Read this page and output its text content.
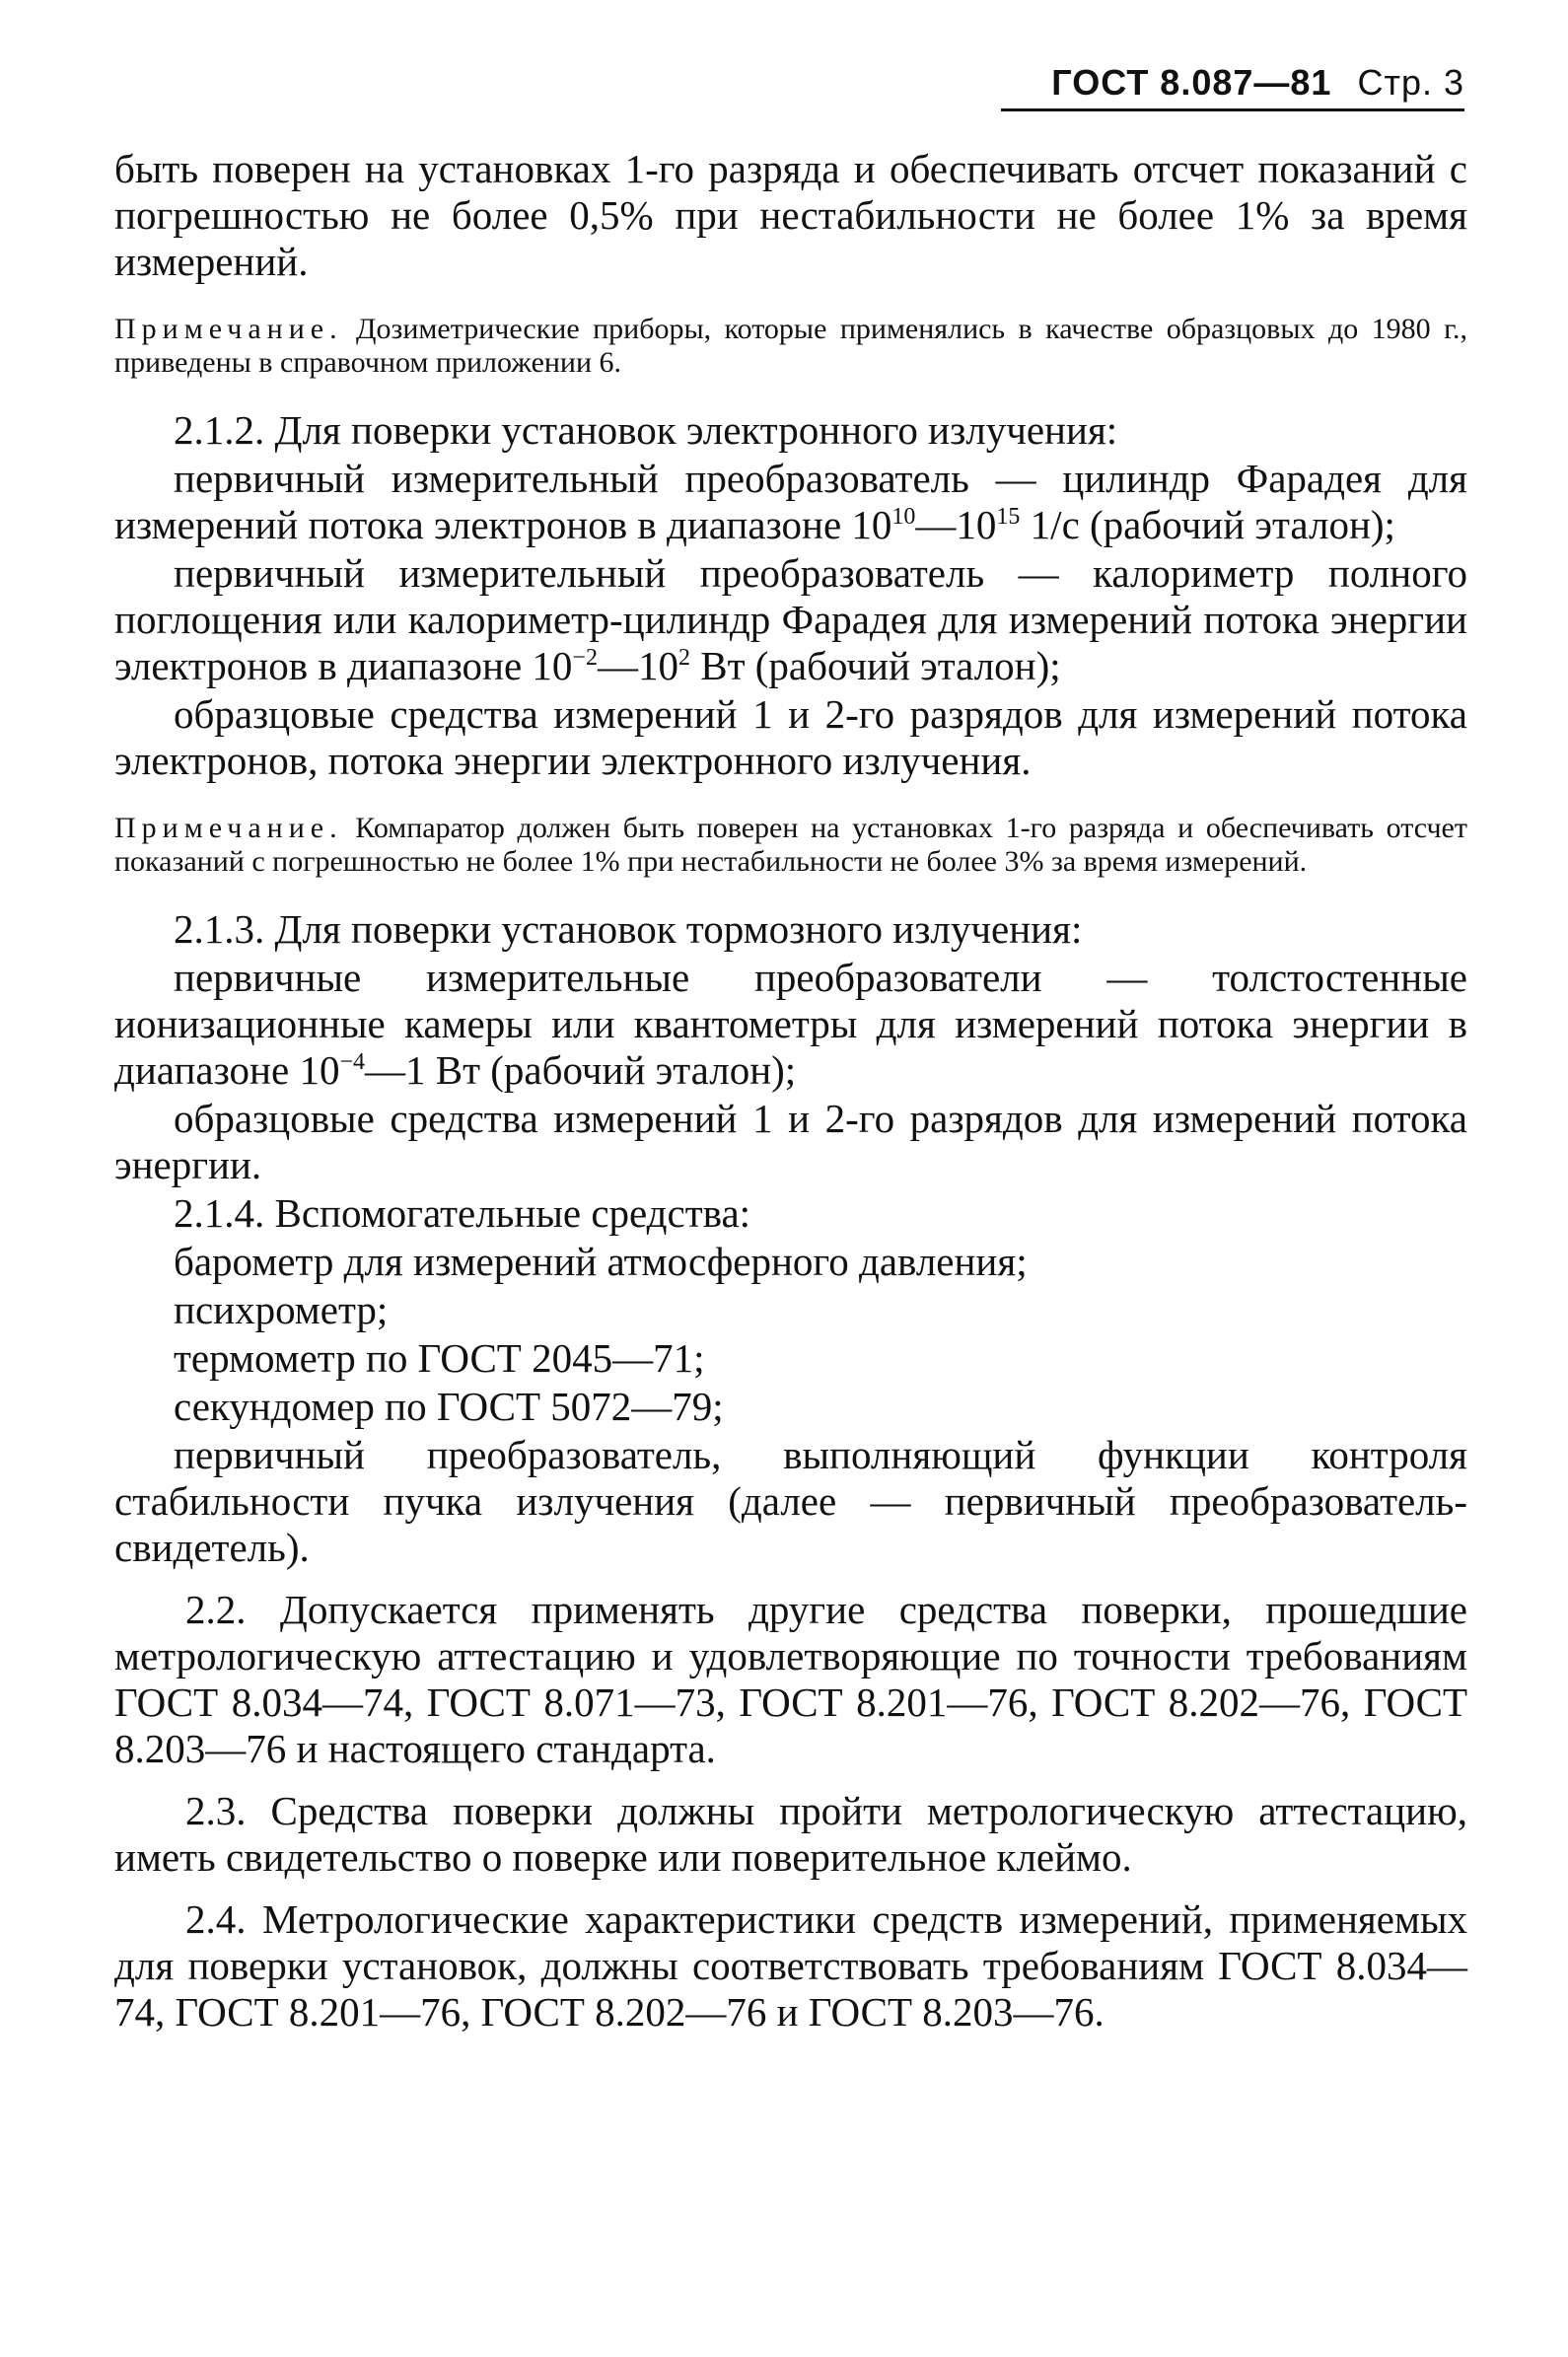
ГОСТ 8.087—81 Стр. 3

быть поверен на установках 1-го разряда и обеспечивать отсчет показаний с погрешностью не более 0,5% при нестабильности не более 1% за время измерений.

Примечание. Дозиметрические приборы, которые применялись в качестве образцовых до 1980 г., приведены в справочном приложении 6.

2.1.2. Для поверки установок электронного излучения:

первичный измерительный преобразователь — цилиндр Фарадея для измерений потока электронов в диапазоне $10^{10}—10^{15}$ 1/с (рабочий эталон);

первичный измерительный преобразователь — калориметр полного поглощения или калориметр-цилиндр Фарадея для измерений потока энергии электронов в диапазоне $10^{-2}—10^2$ Вт (рабочий эталон);

образцовые средства измерений 1 и 2-го разрядов для измерений потока электронов, потока энергии электронного излучения.

Примечание. Компаратор должен быть поверен на установках 1-го разряда и обеспечивать отсчет показаний с погрешностью не более 1% при нестабильности не более 3% за время измерений.

2.1.3. Для поверки установок тормозного излучения:

первичные измерительные преобразователи — толстостенные ионизационные камеры или квантометры для измерений потока энергии в диапазоне $10^{-4}—1$ Вт (рабочий эталон);

образцовые средства измерений 1 и 2-го разрядов для измерений потока энергии.

2.1.4. Вспомогательные средства:

барометр для измерений атмосферного давления;

психрометр;

термометр по ГОСТ 2045—71;

секундомер по ГОСТ 5072—79;

первичный преобразователь, выполняющий функции контроля стабильности пучка излучения (далее — первичный преобразователь-свидетель).

2.2. Допускается применять другие средства поверки, прошедшие метрологическую аттестацию и удовлетворяющие по точности требованиям ГОСТ 8.034—74, ГОСТ 8.071—73, ГОСТ 8.201—76, ГОСТ 8.202—76, ГОСТ 8.203—76 и настоящего стандарта.

2.3. Средства поверки должны пройти метрологическую аттестацию, иметь свидетельство о поверке или поверительное клеймо.

2.4. Метрологические характеристики средств измерений, применяемых для поверки установок, должны соответствовать требованиям ГОСТ 8.034—74, ГОСТ 8.201—76, ГОСТ 8.202—76 и ГОСТ 8.203—76.
